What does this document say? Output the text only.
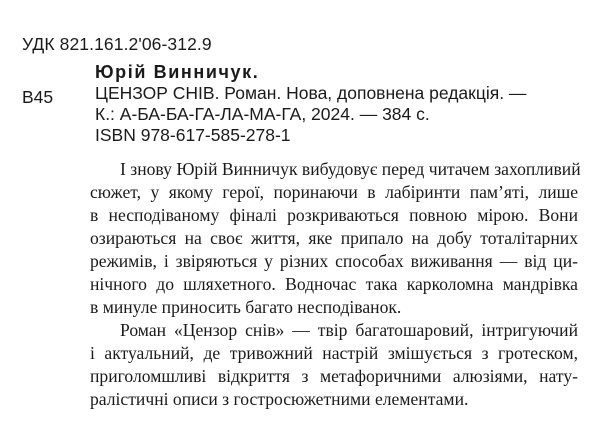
УДК 821.161.2'06-312.9
В45
Юрій Винничук.
ЦЕНЗОР СНІВ. Роман. Нова, доповнена редакція. —
К.: А-БА-БА-ГА-ЛА-МА-ГА, 2024. — 384 с.
ISBN 978-617-585-278-1
І знову Юрій Винничук вибудовує перед читачем захопливий
сюжет, у якому герої, поринаючи в лабіринти пам’яті, лише
в несподіваному фіналі розкриваються повною мірою. Вони
озираються на своє життя, яке припало на добу тоталітарних
режимів, і звіряються у різних способах виживання — від ци-
нічного до шляхетного. Водночас така карколомна мандрівка
в минуле приносить багато несподіванок.
Роман «Цензор снів» — твір багатошаровий, інтригуючий
і актуальний, де тривожний настрій змішується з гротеском,
приголомшливі відкриття з метафоричними алюзіями, нату-
ралістичні описи з гостросюжетними елементами.
